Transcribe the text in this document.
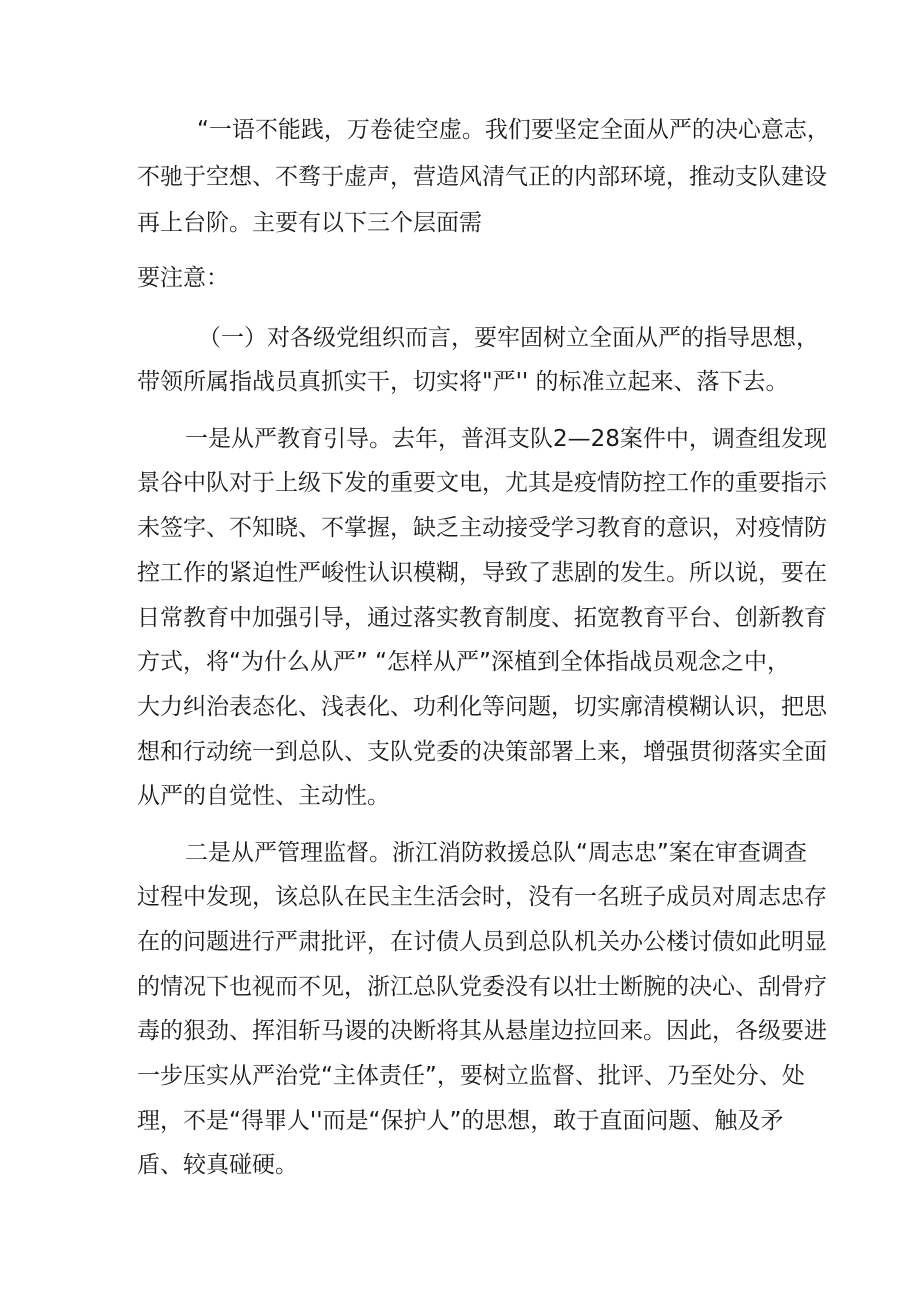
“一语不能践，万卷徒空虚。我们要坚定全面从严的决心意志，

不驰于空想、不骛于虚声，营造风清气正的内部环境，推动支队建设

再上台阶。主要有以下三个层面需

要注意：

（一）对各级党组织而言，要牢固树立全面从严的指导思想，

带领所属指战员真抓实干，切实将"严'' 的标准立起来、落下去。

一是从严教育引导。去年，普洱支队2—28案件中，调查组发现

景谷中队对于上级下发的重要文电，尤其是疫情防控工作的重要指示

未签字、不知晓、不掌握，缺乏主动接受学习教育的意识，对疫情防

控工作的紧迫性严峻性认识模糊，导致了悲剧的发生。所以说，要在

日常教育中加强引导，通过落实教育制度、拓宽教育平台、创新教育

方式，将“为什么从严” “怎样从严”深植到全体指战员观念之中，

大力纠治表态化、浅表化、功利化等问题，切实廓清模糊认识，把思

想和行动统一到总队、支队党委的决策部署上来，增强贯彻落实全面

从严的自觉性、主动性。

二是从严管理监督。浙江消防救援总队“周志忠”案在审查调查

过程中发现，该总队在民主生活会时，没有一名班子成员对周志忠存

在的问题进行严肃批评，在讨债人员到总队机关办公楼讨债如此明显

的情况下也视而不见，浙江总队党委没有以壮士断腕的决心、刮骨疗

毒的狠劲、挥泪斩马谡的决断将其从悬崖边拉回来。因此，各级要进

一步压实从严治党“主体责任”，要树立监督、批评、乃至处分、处

理，不是“得罪人''而是“保护人”的思想，敢于直面问题、触及矛

盾、较真碰硬。
